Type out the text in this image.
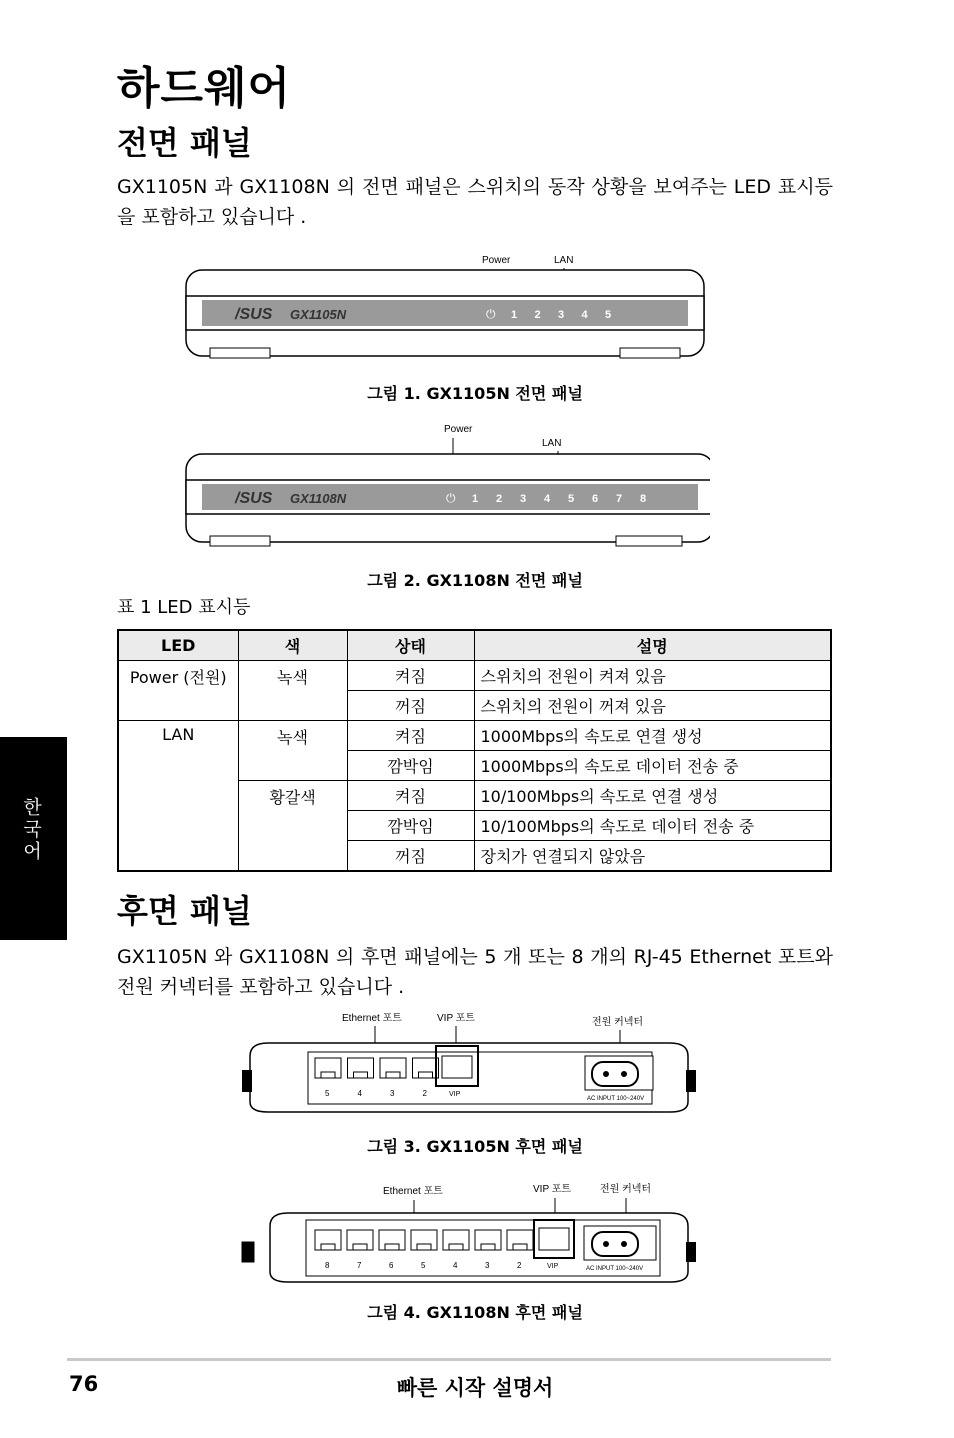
하드웨어
전면 패널

GX1105N 과 GX1108N 의 전면 패널은 스위치의 동작 상황을 보여주는 LED 표시등을 포함하고 있습니다 .

Power	LAN
/SUS GX1105N	⏻ 1 2 3 4 5
그림 1. GX1105N 전면 패널
Power
LAN
/SUS GX1108N	⏻ 1 2 3 4 5 6 7 8
그림 2. GX1108N 전면 패널
표 1 LED 표시등
LED	색	상태	설명
Power (전원)	녹색	켜짐	스위치의 전원이 켜져 있음
		꺼짐	스위치의 전원이 꺼져 있음
LAN	녹색	켜짐	1000Mbps의 속도로 연결 생성
		깜박임	1000Mbps의 속도로 데이터 전송 중
	황갈색	켜짐	10/100Mbps의 속도로 연결 생성
		깜박임	10/100Mbps의 속도로 데이터 전송 중
		꺼짐	장치가 연결되지 않았음
한국어
후면 패널

GX1105N 와 GX1108N 의 후면 패널에는 5 개 또는 8 개의 RJ-45 Ethernet 포트와 전원 커넥터를 포함하고 있습니다 .

Ethernet 포트	VIP 포트	전원 커넥터
5	4	3	2	VIP
AC INPUT 100~240V
그림 3. GX1105N 후면 패널
Ethernet 포트	VIP 포트	전원 커넥터
8	7	6	5	4	3	2	VIP	AC INPUT 100~240V
그림 4. GX1108N 후면 패널
76	빠른 시작 설명서
